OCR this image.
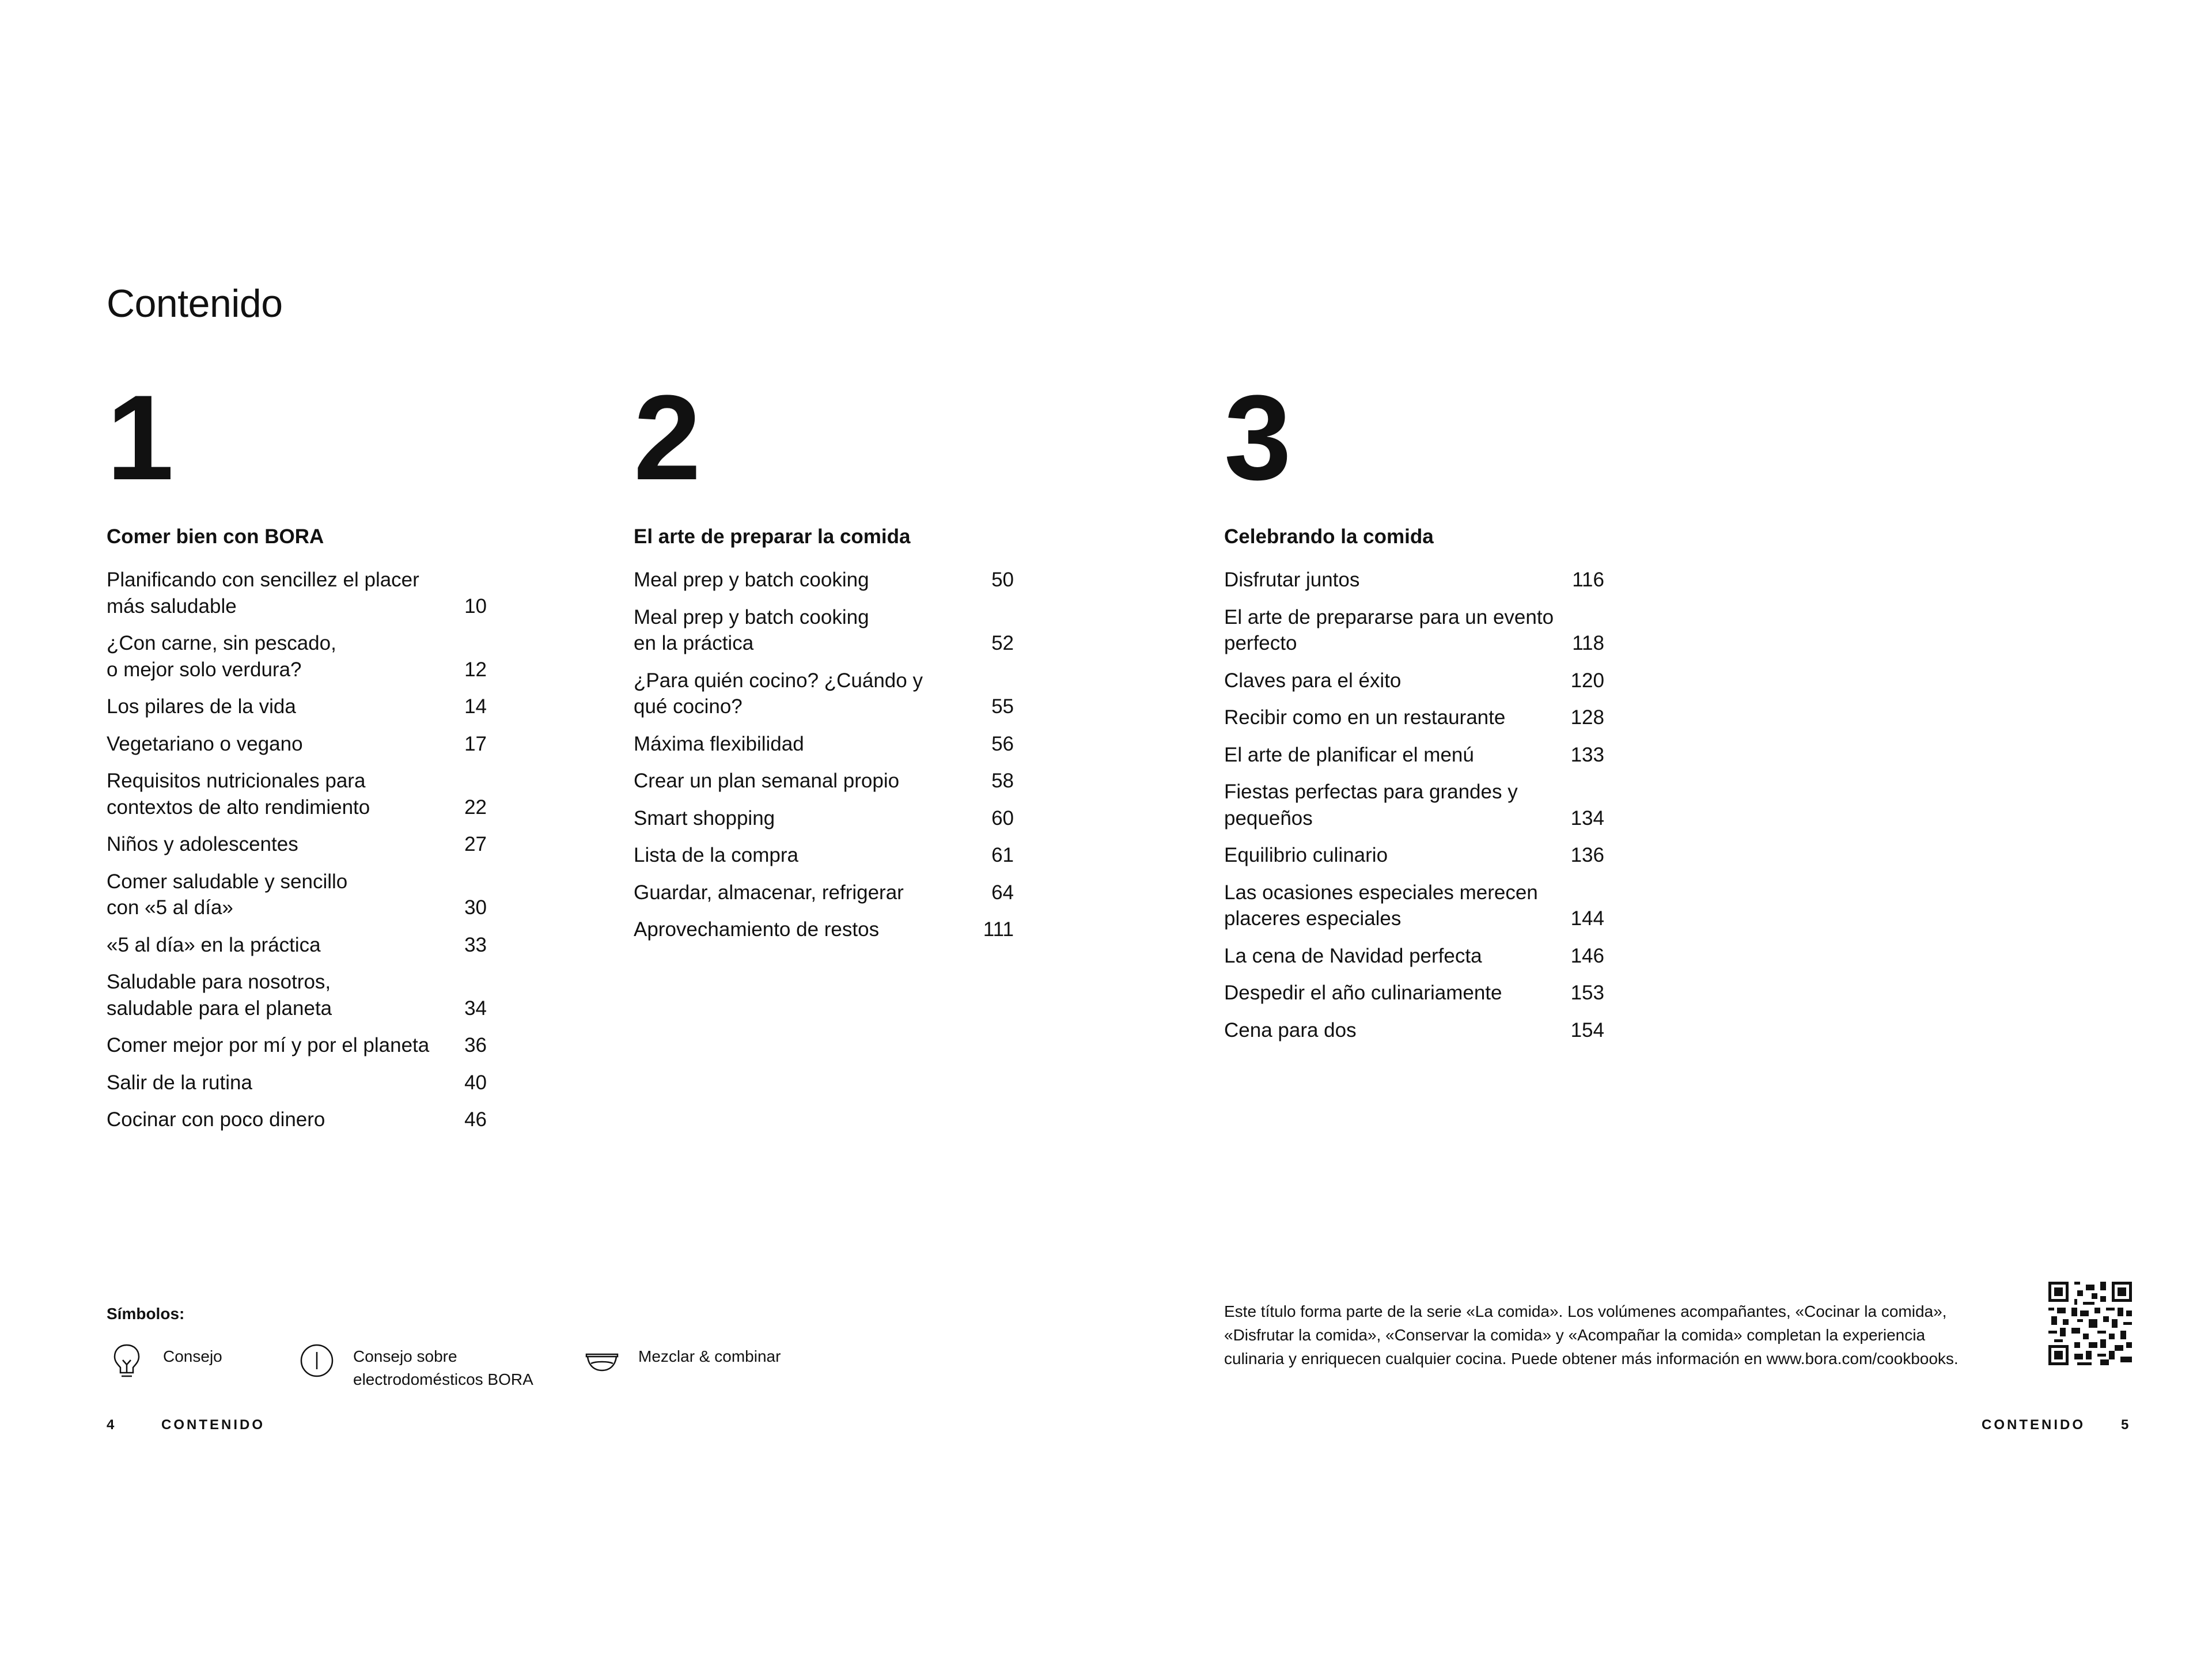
Contenido
1
Comer bien con BORA
Planificando con sencillez el placer
más saludable	10
¿Con carne, sin pescado,
o mejor solo verdura?	12
Los pilares de la vida	14
Vegetariano o vegano	17
Requisitos nutricionales para
contextos de alto rendimiento	22
Niños y adolescentes	27
Comer saludable y sencillo
con «5 al día»	30
«5 al día» en la práctica	33
Saludable para nosotros,
saludable para el planeta	34
Comer mejor por mí y por el planeta 36
Salir de la rutina	40
Cocinar con poco dinero	46
2
El arte de preparar la comida
Meal prep y batch cooking	50
Meal prep y batch cooking
en la práctica	52
¿Para quién cocino? ¿Cuándo y
qué cocino?	55
Máxima flexibilidad	56
Crear un plan semanal propio	58
Smart shopping	60
Lista de la compra	61
Guardar, almacenar, refrigerar	64
Aprovechamiento de restos	111
3
Celebrando la comida
Disfrutar juntos	116
El arte de prepararse para un evento
perfecto	118
Claves para el éxito	120
Recibir como en un restaurante	128
El arte de planificar el menú	133
Fiestas perfectas para grandes y
pequeños	134
Equilibrio culinario	136
Las ocasiones especiales merecen
placeres especiales	144
La cena de Navidad perfecta	146
Despedir el año culinariamente	153
Cena para dos	154
Símbolos:
Consejo	Consejo sobre
electrodomésticos BORA
Mezclar & combinar
Este título forma parte de la serie «La comida». Los volúmenes acompañantes, «Cocinar la comida»,
«Disfrutar la comida», «Conservar la comida» y «Acompañar la comida» completan la experiencia
culinaria y enriquecen cualquier cocina. Puede obtener más información en www.bora.com/cookbooks.
4	CONTENIDO	CONTENIDO	5
